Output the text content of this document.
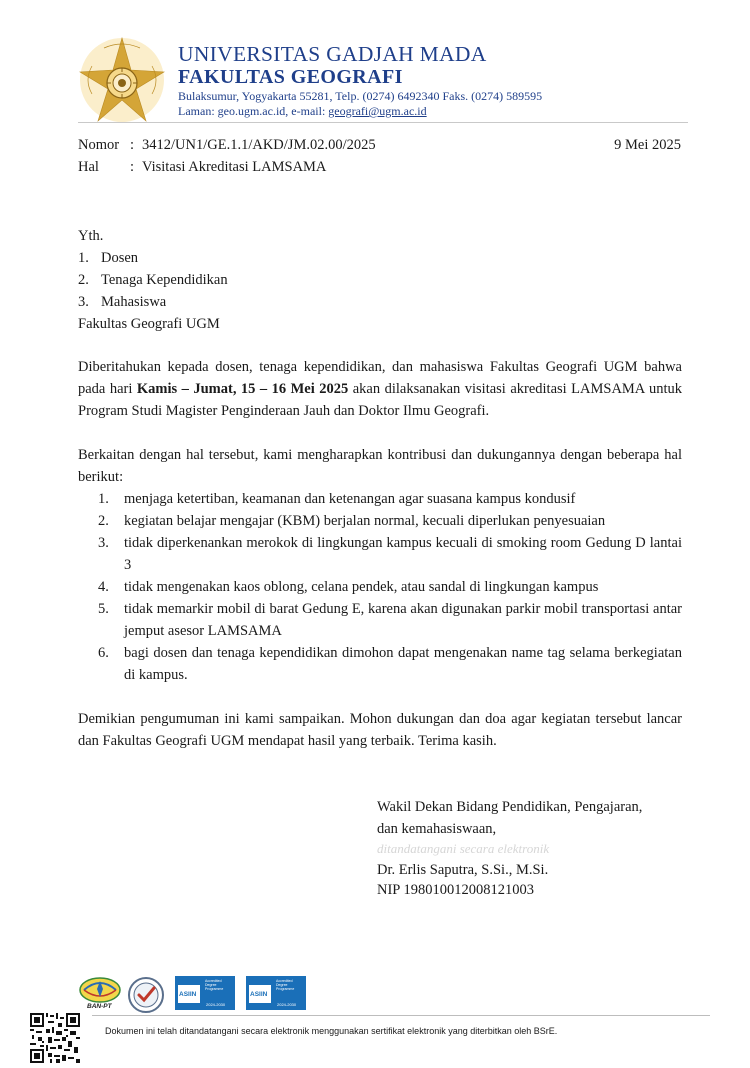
UNIVERSITAS GADJAH MADA
FAKULTAS GEOGRAFI
Bulaksumur, Yogyakarta 55281, Telp. (0274) 6492340 Faks. (0274) 589595
Laman: geo.ugm.ac.id, e-mail: geografi@ugm.ac.id
Nomor : 3412/UN1/GE.1.1/AKD/JM.02.00/2025	9 Mei 2025
Hal : Visitasi Akreditasi LAMSAMA
Yth.
1. Dosen
2. Tenaga Kependidikan
3. Mahasiswa
Fakultas Geografi UGM
Diberitahukan kepada dosen, tenaga kependidikan, dan mahasiswa Fakultas Geografi UGM bahwa pada hari Kamis – Jumat, 15 – 16 Mei 2025 akan dilaksanakan visitasi akreditasi LAMSAMA untuk Program Studi Magister Penginderaan Jauh dan Doktor Ilmu Geografi.
Berkaitan dengan hal tersebut, kami mengharapkan kontribusi dan dukungannya dengan beberapa hal berikut:
1. menjaga ketertiban, keamanan dan ketenangan agar suasana kampus kondusif
2. kegiatan belajar mengajar (KBM) berjalan normal, kecuali diperlukan penyesuaian
3. tidak diperkenankan merokok di lingkungan kampus kecuali di smoking room Gedung D lantai 3
4. tidak mengenakan kaos oblong, celana pendek, atau sandal di lingkungan kampus
5. tidak memarkir mobil di barat Gedung E, karena akan digunakan parkir mobil transportasi antar jemput asesor LAMSAMA
6. bagi dosen dan tenaga kependidikan dimohon dapat mengenakan name tag selama berkegiatan di kampus.
Demikian pengumuman ini kami sampaikan. Mohon dukungan dan doa agar kegiatan tersebut lancar dan Fakultas Geografi UGM mendapat hasil yang terbaik. Terima kasih.
Wakil Dekan Bidang Pendidikan, Pengajaran,
dan kemahasiswaan,
ditandatangani secara elektronik
Dr. Erlis Saputra, S.Si., M.Si.
NIP 198010012008121003
BAN-PT
Accredited Degree Programme
ASIIN
2024-2030
Accredited Degree Programme
ASIIN
2024-2030
Dokumen ini telah ditandatangani secara elektronik menggunakan sertifikat elektronik yang diterbitkan oleh BSrE.
